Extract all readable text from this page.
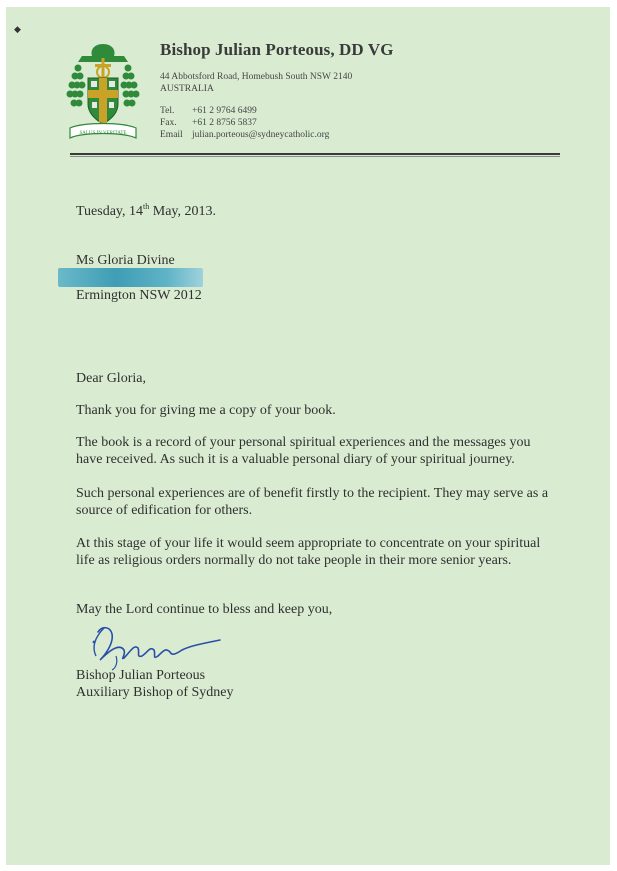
◆
SALUS IN VERITATE
Bishop Julian Porteous, DD VG
44 Abbotsford Road, Homebush South NSW 2140
AUSTRALIA
Tel.	+61 2 9764 6499
Fax.	+61 2 8756 5837
Email julian.porteous@sydneycatholic.org
Tuesday, 14th May, 2013.
Ms Gloria Divine
Ermington NSW 2012
Dear Gloria,
Thank you for giving me a copy of your book.
The book is a record of your personal spiritual experiences and the messages you have received. As such it is a valuable personal diary of your spiritual journey.
Such personal experiences are of benefit firstly to the recipient. They may serve as a source of edification for others.
At this stage of your life it would seem appropriate to concentrate on your spiritual life as religious orders normally do not take people in their more senior years.
May the Lord continue to bless and keep you,
Bishop Julian Porteous
Auxiliary Bishop of Sydney
